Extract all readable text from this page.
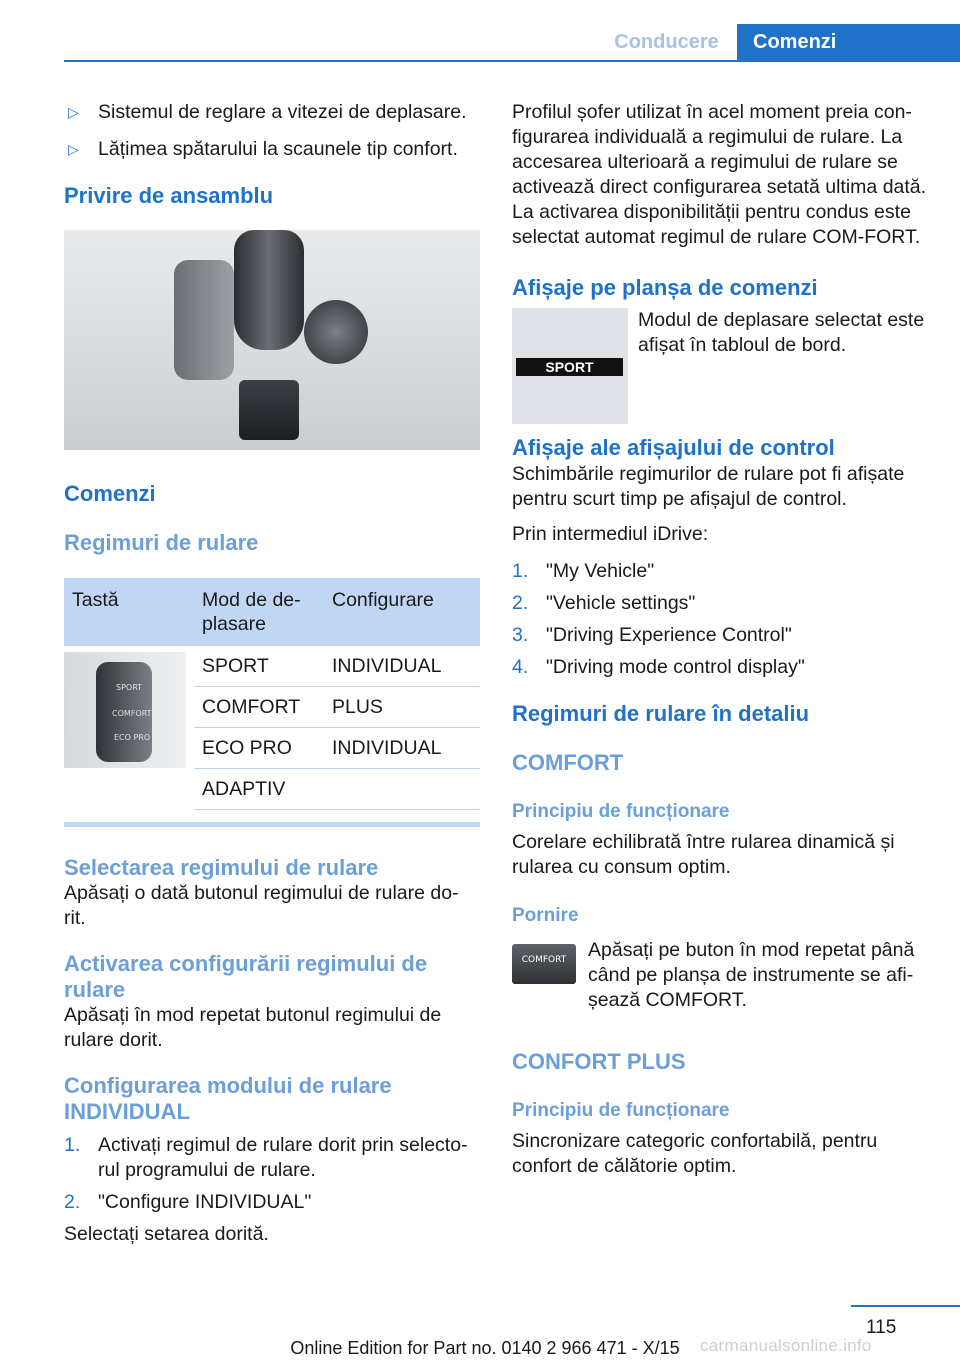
Conducere	Comenzi
▷ Sistemul de reglare a vitezei de deplasare.
▷ Lățimea spătarului la scaunele tip confort.
Privire de ansamblu
Comenzi
Regimuri de rulare
Tastă	Mod de de-plasare	Configurare

SPORT
COMFORT
ECO PRO
ADAPTIVE	SPORT	INDIVIDUAL
	COMFORT	PLUS
	ECO PRO	INDIVIDUAL
	ADAPTIV	
Selectarea regimului de rulare
Apăsați o dată butonul regimului de rulare do-rit.
Activarea configurării regimului de rulare
Apăsați în mod repetat butonul regimului de rulare dorit.
Configurarea modului de rulare INDIVIDUAL
1. Activați regimul de rulare dorit prin selecto-rul programului de rulare.
2. "Configure INDIVIDUAL"
Selectați setarea dorită.
Profilul șofer utilizat în acel moment preia con-figurarea individuală a regimului de rulare. La accesarea ulterioară a regimului de rulare se activează direct configurarea setată ultima dată. La activarea disponibilității pentru condus este selectat automat regimul de rulare COM-FORT.
Afișaje pe planșa de comenzi
SPORT
Modul de deplasare selectat este afișat în tabloul de bord.
Afișaje ale afișajului de control
Schimbările regimurilor de rulare pot fi afișate pentru scurt timp pe afișajul de control.
Prin intermediul iDrive:
1. "My Vehicle"
2. "Vehicle settings"
3. "Driving Experience Control"
4. "Driving mode control display"
Regimuri de rulare în detaliu
COMFORT
Principiu de funcționare
Corelare echilibrată între rularea dinamică și rularea cu consum optim.
Pornire
COMFORT	Apăsați pe buton în mod repetat până când pe planșa de instrumente se afi-șează COMFORT.
CONFORT PLUS
Principiu de funcționare
Sincronizare categoric confortabilă, pentru confort de călătorie optim.
115
Online Edition for Part no. 0140 2 966 471 - X/15	carmanualsonline.info
